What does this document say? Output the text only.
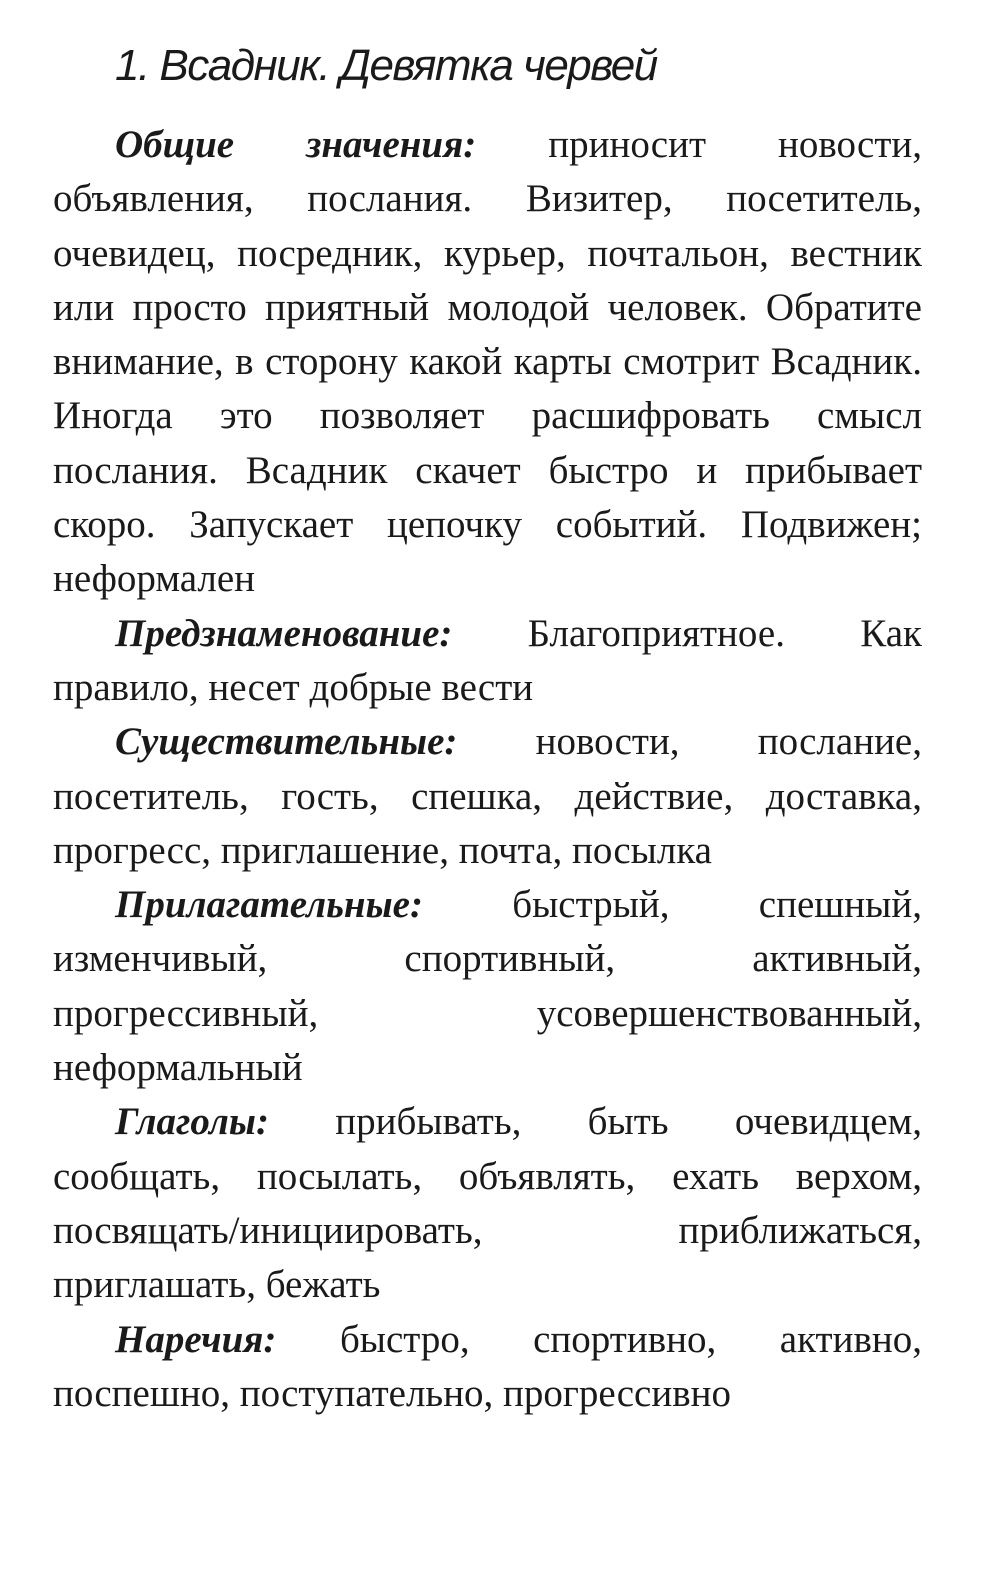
1. Всадник. Девятка червей

Общие значения: приносит новости, объявления, послания. Визитер, посетитель, очевидец, посредник, курьер, почтальон, вестник или просто приятный молодой человек. Обратите внимание, в сторону какой карты смотрит Всадник. Иногда это позволяет расшифровать смысл послания. Всадник скачет быстро и прибывает скоро. Запускает цепочку событий. Подвижен; неформален

Предзнаменование: Благоприятное. Как правило, несет добрые вести

Существительные: новости, послание, посетитель, гость, спешка, действие, доставка, прогресс, приглашение, почта, посылка

Прилагательные: быстрый, спешный, изменчивый, спортивный, активный, прогрессивный, усовершенствованный, неформальный

Глаголы: прибывать, быть очевидцем, сообщать, посылать, объявлять, ехать верхом, посвящать/инициировать, приближаться, приглашать, бежать

Наречия: быстро, спортивно, активно, поспешно, поступательно, прогрессивно
